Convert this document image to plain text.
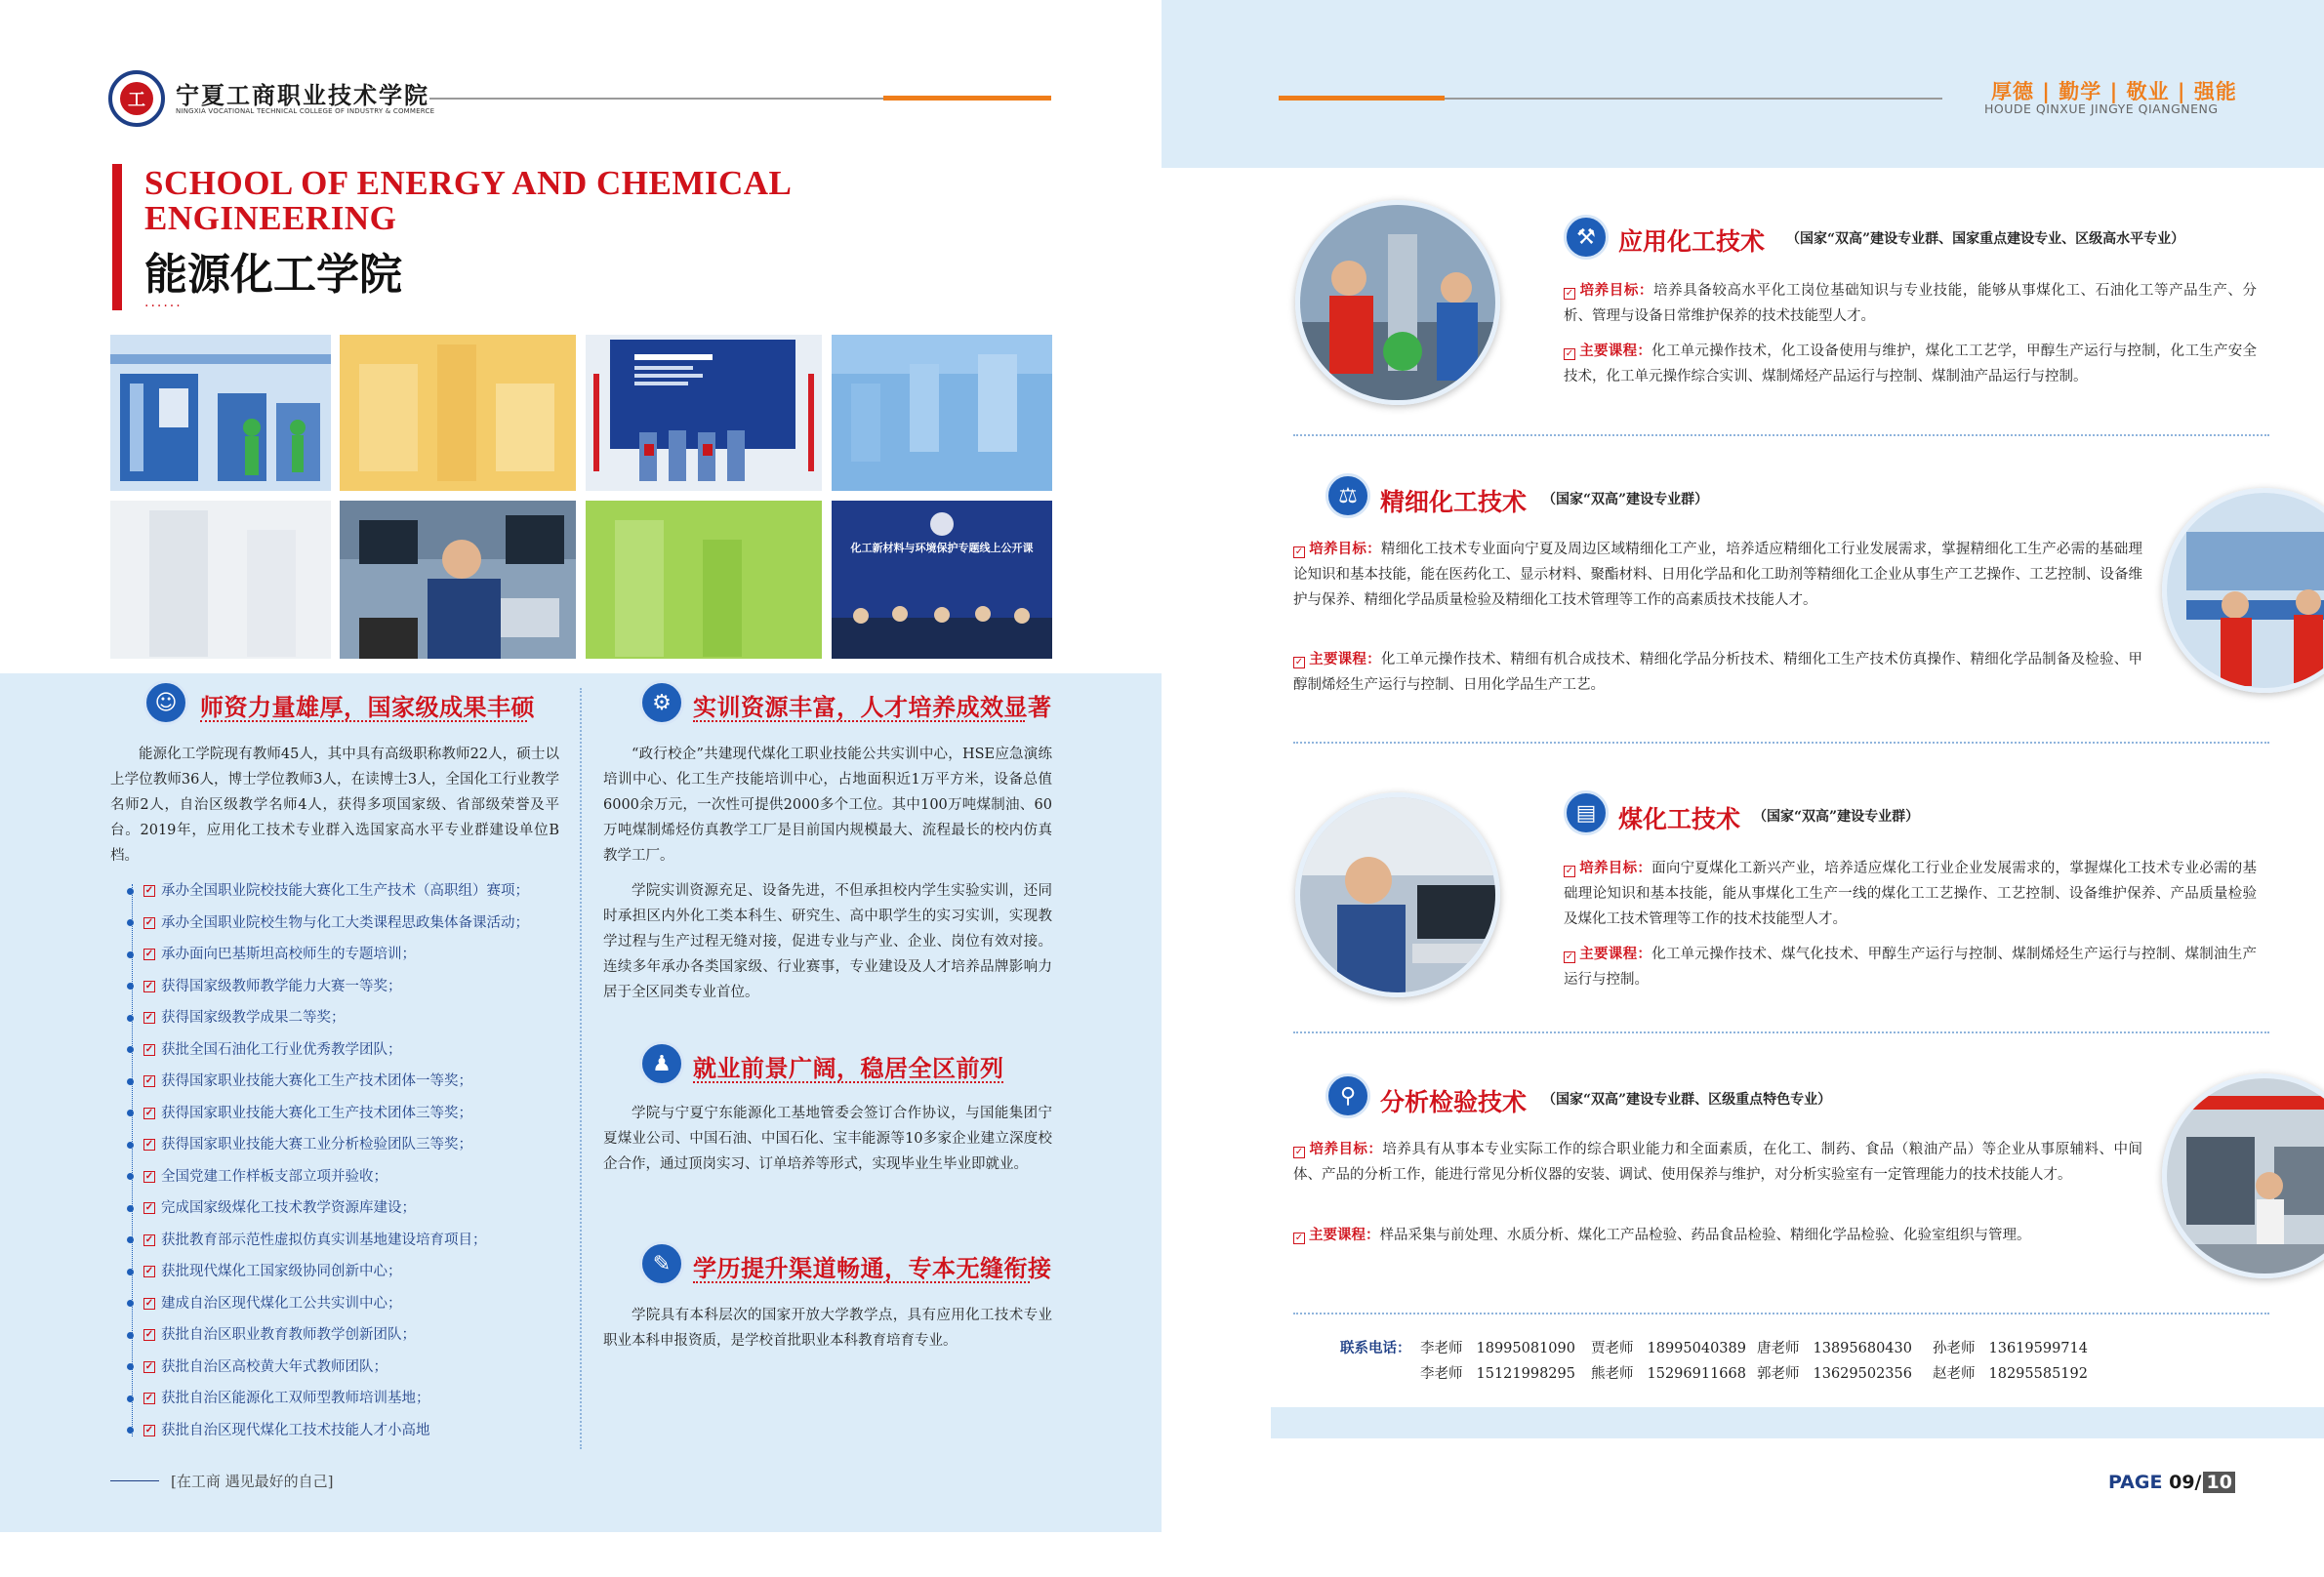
工	宁夏工商职业技术学院
NINGXIA VOCATIONAL TECHNICAL COLLEGE OF INDUSTRY & COMMERCE
SCHOOL OF ENERGY AND CHEMICAL
ENGINEERING
能源化工学院
······
化工新材料与环境保护专题线上公开课
☺ 师资力量雄厚，国家级成果丰硕
能源化工学院现有教师45人，其中具有高级职称教师22人，硕士以上学位教师36人，博士学位教师3人，在读博士3人，全国化工行业教学名师2人，自治区级教学名师4人，获得多项国家级、省部级荣誉及平台。2019年，应用化工技术专业群入选国家高水平专业群建设单位B档。
✓ 承办全国职业院校技能大赛化工生产技术（高职组）赛项；
✓ 承办全国职业院校生物与化工大类课程思政集体备课活动；
✓ 承办面向巴基斯坦高校师生的专题培训；
✓ 获得国家级教师教学能力大赛一等奖；
✓ 获得国家级教学成果二等奖；
✓ 获批全国石油化工行业优秀教学团队；
✓ 获得国家职业技能大赛化工生产技术团体一等奖；
✓ 获得国家职业技能大赛化工生产技术团体三等奖；
✓ 获得国家职业技能大赛工业分析检验团队三等奖；
✓ 全国党建工作样板支部立项并验收；
✓ 完成国家级煤化工技术教学资源库建设；
✓ 获批教育部示范性虚拟仿真实训基地建设培育项目；
✓ 获批现代煤化工国家级协同创新中心；
✓ 建成自治区现代煤化工公共实训中心；
✓ 获批自治区职业教育教师教学创新团队；
✓ 获批自治区高校黄大年式教师团队；
✓ 获批自治区能源化工双师型教师培训基地；
✓ 获批自治区现代煤化工技术技能人才小高地
⚙ 实训资源丰富，人才培养成效显著
“政行校企”共建现代煤化工职业技能公共实训中心，HSE应急演练培训中心、化工生产技能培训中心，占地面积近1万平方米，设备总值6000余万元，一次性可提供2000多个工位。其中100万吨煤制油、60万吨煤制烯烃仿真教学工厂是目前国内规模最大、流程最长的校内仿真教学工厂。
学院实训资源充足、设备先进，不但承担校内学生实验实训，还同时承担区内外化工类本科生、研究生、高中职学生的实习实训，实现教学过程与生产过程无缝对接，促进专业与产业、企业、岗位有效对接。连续多年承办各类国家级、行业赛事，专业建设及人才培养品牌影响力居于全区同类专业首位。
♟ 就业前景广阔，稳居全区前列
学院与宁夏宁东能源化工基地管委会签订合作协议，与国能集团宁夏煤业公司、中国石油、中国石化、宝丰能源等10多家企业建立深度校企合作，通过顶岗实习、订单培养等形式，实现毕业生毕业即就业。
✎ 学历提升渠道畅通，专本无缝衔接
学院具有本科层次的国家开放大学教学点，具有应用化工技术专业职业本科申报资质，是学校首批职业本科教育培育专业。
[在工商 遇见最好的自己]
厚德 | 勤学 | 敬业 | 强能
HOUDE QINXUE JINGYE QIANGNENG
⚒ 应用化工技术 （国家“双高”建设专业群、国家重点建设专业、区级高水平专业）
✓ 培养目标：培养具备较高水平化工岗位基础知识与专业技能，能够从事煤化工、石油化工等产品生产、分析、管理与设备日常维护保养的技术技能型人才。
✓ 主要课程：化工单元操作技术，化工设备使用与维护，煤化工工艺学，甲醇生产运行与控制，化工生产安全技术，化工单元操作综合实训、煤制烯烃产品运行与控制、煤制油产品运行与控制。
⚖ 精细化工技术 （国家“双高”建设专业群）
✓ 培养目标：精细化工技术专业面向宁夏及周边区域精细化工产业，培养适应精细化工行业发展需求，掌握精细化工生产必需的基础理论知识和基本技能，能在医药化工、显示材料、聚酯材料、日用化学品和化工助剂等精细化工企业从事生产工艺操作、工艺控制、设备维护与保养、精细化学品质量检验及精细化工技术管理等工作的高素质技术技能人才。
✓ 主要课程：化工单元操作技术、精细有机合成技术、精细化学品分析技术、精细化工生产技术仿真操作、精细化学品制备及检验、甲醇制烯烃生产运行与控制、日用化学品生产工艺。
▤ 煤化工技术 （国家“双高”建设专业群）
✓ 培养目标：面向宁夏煤化工新兴产业，培养适应煤化工行业企业发展需求的，掌握煤化工技术专业必需的基础理论知识和基本技能，能从事煤化工生产一线的煤化工工艺操作、工艺控制、设备维护保养、产品质量检验及煤化工技术管理等工作的技术技能型人才。
✓ 主要课程：化工单元操作技术、煤气化技术、甲醇生产运行与控制、煤制烯烃生产运行与控制、煤制油生产运行与控制。
⚲ 分析检验技术 （国家“双高”建设专业群、区级重点特色专业）
✓ 培养目标：培养具有从事本专业实际工作的综合职业能力和全面素质，在化工、制药、食品（粮油产品）等企业从事原辅料、中间体、产品的分析工作，能进行常见分析仪器的安装、调试、使用保养与维护，对分析实验室有一定管理能力的技术技能人才。
✓ 主要课程：样品采集与前处理、水质分析、煤化工产品检验、药品食品检验、精细化学品检验、化验室组织与管理。
联系电话： 李老师 18995081090 贾老师 18995040389 唐老师 13895680430 孙老师 13619599714
李老师 15121998295 熊老师 15296911668 郭老师 13629502356 赵老师 18295585192
PAGE 09/ 10
